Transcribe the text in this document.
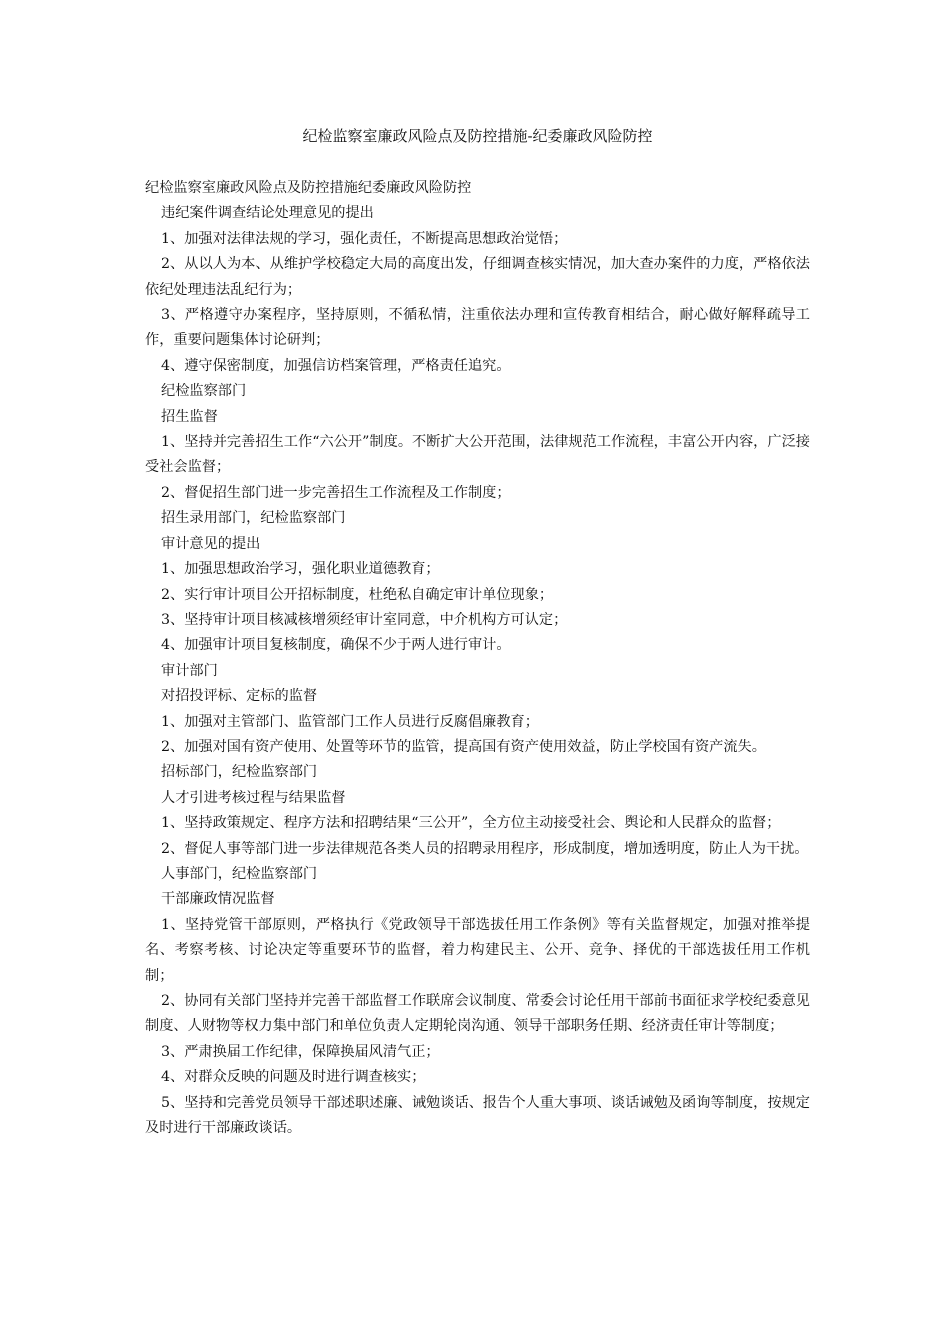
纪检监察室廉政风险点及防控措施-纪委廉政风险防控

纪检监察室廉政风险点及防控措施纪委廉政风险防控

违纪案件调查结论处理意见的提出

1、加强对法律法规的学习，强化责任，不断提高思想政治觉悟；

2、从以人为本、从维护学校稳定大局的高度出发，仔细调查核实情况，加大查办案件的力度，严格依法依纪处理违法乱纪行为；

3、严格遵守办案程序，坚持原则，不循私情，注重依法办理和宣传教育相结合，耐心做好解释疏导工作，重要问题集体讨论研判；

4、遵守保密制度，加强信访档案管理，严格责任追究。

纪检监察部门

招生监督

1、坚持并完善招生工作“六公开”制度。不断扩大公开范围，法律规范工作流程，丰富公开内容，广泛接受社会监督；

2、督促招生部门进一步完善招生工作流程及工作制度；

招生录用部门，纪检监察部门

审计意见的提出

1、加强思想政治学习，强化职业道德教育；

2、实行审计项目公开招标制度，杜绝私自确定审计单位现象；

3、坚持审计项目核减核增须经审计室同意，中介机构方可认定；

4、加强审计项目复核制度，确保不少于两人进行审计。

审计部门

对招投评标、定标的监督

1、加强对主管部门、监管部门工作人员进行反腐倡廉教育；

2、加强对国有资产使用、处置等环节的监管，提高国有资产使用效益，防止学校国有资产流失。

招标部门，纪检监察部门

人才引进考核过程与结果监督

1、坚持政策规定、程序方法和招聘结果“三公开”，全方位主动接受社会、舆论和人民群众的监督；

2、督促人事等部门进一步法律规范各类人员的招聘录用程序，形成制度，增加透明度，防止人为干扰。

人事部门，纪检监察部门

干部廉政情况监督

1、坚持党管干部原则，严格执行《党政领导干部选拔任用工作条例》等有关监督规定，加强对推举提名、考察考核、讨论决定等重要环节的监督，着力构建民主、公开、竞争、择优的干部选拔任用工作机制；

2、协同有关部门坚持并完善干部监督工作联席会议制度、常委会讨论任用干部前书面征求学校纪委意见制度、人财物等权力集中部门和单位负责人定期轮岗沟通、领导干部职务任期、经济责任审计等制度；

3、严肃换届工作纪律，保障换届风清气正；

4、对群众反映的问题及时进行调查核实；

5、坚持和完善党员领导干部述职述廉、诫勉谈话、报告个人重大事项、谈话诫勉及函询等制度，按规定及时进行干部廉政谈话。
